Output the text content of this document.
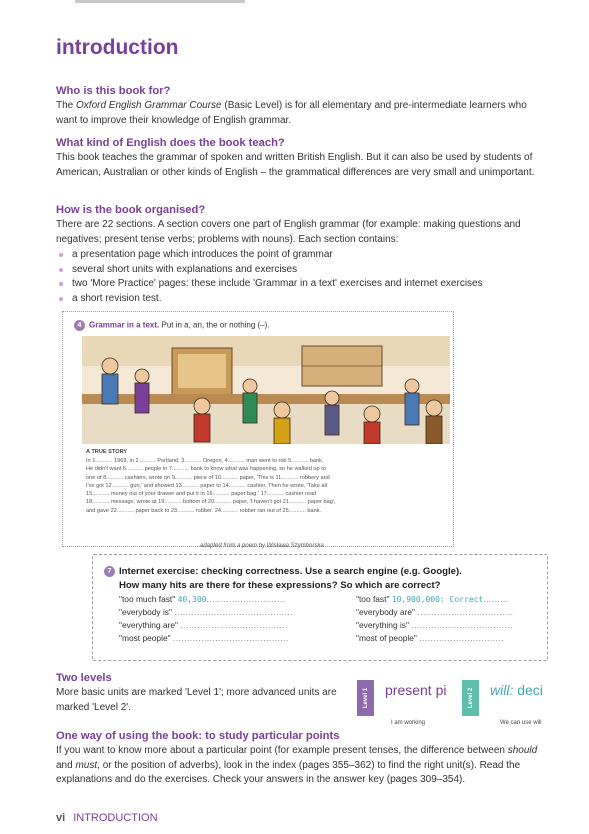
introduction
Who is this book for?

The Oxford English Grammar Course (Basic Level) is for all elementary and pre-intermediate learners who want to improve their knowledge of English grammar.

What kind of English does the book teach?

This book teaches the grammar of spoken and written British English. But it can also be used by students of American, Australian or other kinds of English – the grammatical differences are very small and unimportant.

How is the book organised?

There are 22 sections. A section covers one part of English grammar (for example: making questions and negatives; present tense verbs; problems with nouns). Each section contains:

a presentation page which introduces the point of grammar
several short units with explanations and exercises
two 'More Practice' pages: these include 'Grammar in a text' exercises and internet exercises
a short revision test.
4 Grammar in a text. Put in a, an, the or nothing (–).
A TRUE STORY
In 1........... 1969, in 2........... Portland, 3........... Oregon, 4........... man went to rob 5........... bank.
He didn't want 6........... people in 7........... bank to know what was happening, so he walked up to
one of 8........... cashiers, wrote on 9........... piece of 10........... paper, 'This is 11........... robbery and
I've got 12........... gun,' and showed 13........... paper to 14........... cashier. Then he wrote, 'Take all
15........... money out of your drawer and put it in 16........... paper bag.' 17........... cashier read
18........... message, wrote at 19........... bottom of 20........... paper, 'I haven't got 21........... paper bag',
and gave 22........... paper back to 23........... robber. 24........... robber ran out of 25........... bank.
adapted from a poem by Wisława Szymborska
7 Internet exercise: checking correctness. Use a search engine (e.g. Google).
How many hits are there for these expressions? So which are correct?
"too much fast" 40,300............................	"too fast" 10,900,000: Correct.........
"everybody is" ..........................................	"everybody are" ..................................
"everything are" ......................................	"everything is" ....................................
"most people" .........................................	"most of people" ..............................
Two levels

More basic units are marked 'Level 1'; more advanced units are marked 'Level 2'.	Level 1 present pi
I am working
Level 2 will: deci
We can use will
One way of using the book: to study particular points

If you want to know more about a particular point (for example present tenses, the difference between should and must, or the position of adverbs), look in the index (pages 355–362) to find the right unit(s). Read the explanations and do the exercises. Check your answers in the answer key (pages 309–354).

vi INTRODUCTION
